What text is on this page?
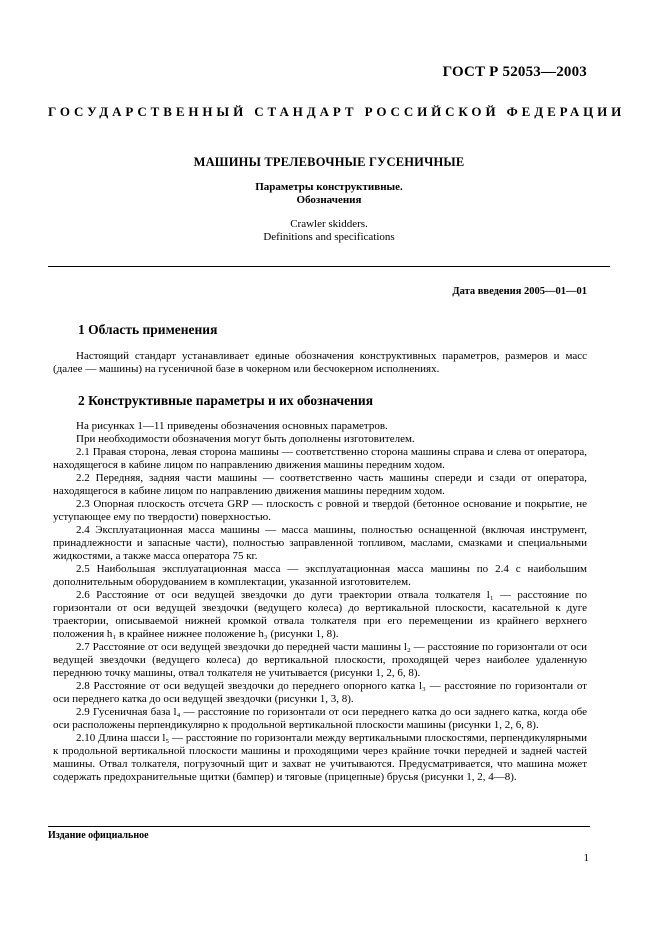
ГОСТ Р 52053—2003
ГОСУДАРСТВЕННЫЙ СТАНДАРТ РОССИЙСКОЙ ФЕДЕРАЦИИ
МАШИНЫ ТРЕЛЕВОЧНЫЕ ГУСЕНИЧНЫЕ
Параметры конструктивные.
Обозначения
Crawler skidders.
Definitions and specifications
Дата введения 2005—01—01
1 Область применения

Настоящий стандарт устанавливает единые обозначения конструктивных параметров, размеров и масс (далее — машины) на гусеничной базе в чокерном или бесчокерном исполнениях.

2 Конструктивные параметры и их обозначения

На рисунках 1—11 приведены обозначения основных параметров.

При необходимости обозначения могут быть дополнены изготовителем.

2.1 Правая сторона, левая сторона машины — соответственно сторона машины справа и слева от оператора, находящегося в кабине лицом по направлению движения машины передним ходом.

2.2 Передняя, задняя части машины — соответственно часть машины спереди и сзади от оператора, находящегося в кабине лицом по направлению движения машины передним ходом.

2.3 Опорная плоскость отсчета GRP — плоскость с ровной и твердой (бетонное основание и покрытие, не уступающее ему по твердости) поверхностью.

2.4 Эксплуатационная масса машины — масса машины, полностью оснащенной (включая инструмент, принадлежности и запасные части), полностью заправленной топливом, маслами, смазками и специальными жидкостями, а также масса оператора 75 кг.

2.5 Наибольшая эксплуатационная масса — эксплуатационная масса машины по 2.4 с наибольшим дополнительным оборудованием в комплектации, указанной изготовителем.

2.6 Расстояние от оси ведущей звездочки до дуги траектории отвала толкателя l₁ — расстояние по горизонтали от оси ведущей звездочки (ведущего колеса) до вертикальной плоскости, касательной к дуге траектории, описываемой нижней кромкой отвала толкателя при его перемещении из крайнего верхнего положения h₁ в крайнее нижнее положение h₃ (рисунки 1, 8).

2.7 Расстояние от оси ведущей звездочки до передней части машины l₂ — расстояние по горизонтали от оси ведущей звездочки (ведущего колеса) до вертикальной плоскости, проходящей через наиболее удаленную переднюю точку машины, отвал толкателя не учитывается (рисунки 1, 2, 6, 8).

2.8 Расстояние от оси ведущей звездочки до переднего опорного катка l₃ — расстояние по горизонтали от оси переднего катка до оси ведущей звездочки (рисунки 1, 3, 8).

2.9 Гусеничная база l₄ — расстояние по горизонтали от оси переднего катка до оси заднего катка, когда обе оси расположены перпендикулярно к продольной вертикальной плоскости машины (рисунки 1, 2, 6, 8).

2.10 Длина шасси l₅ — расстояние по горизонтали между вертикальными плоскостями, перпендикулярными к продольной вертикальной плоскости машины и проходящими через крайние точки передней и задней частей машины. Отвал толкателя, погрузочный щит и захват не учитываются. Предусматривается, что машина может содержать предохранительные щитки (бампер) и тяговые (прицепные) брусья (рисунки 1, 2, 4—8).

Издание официальное
1
